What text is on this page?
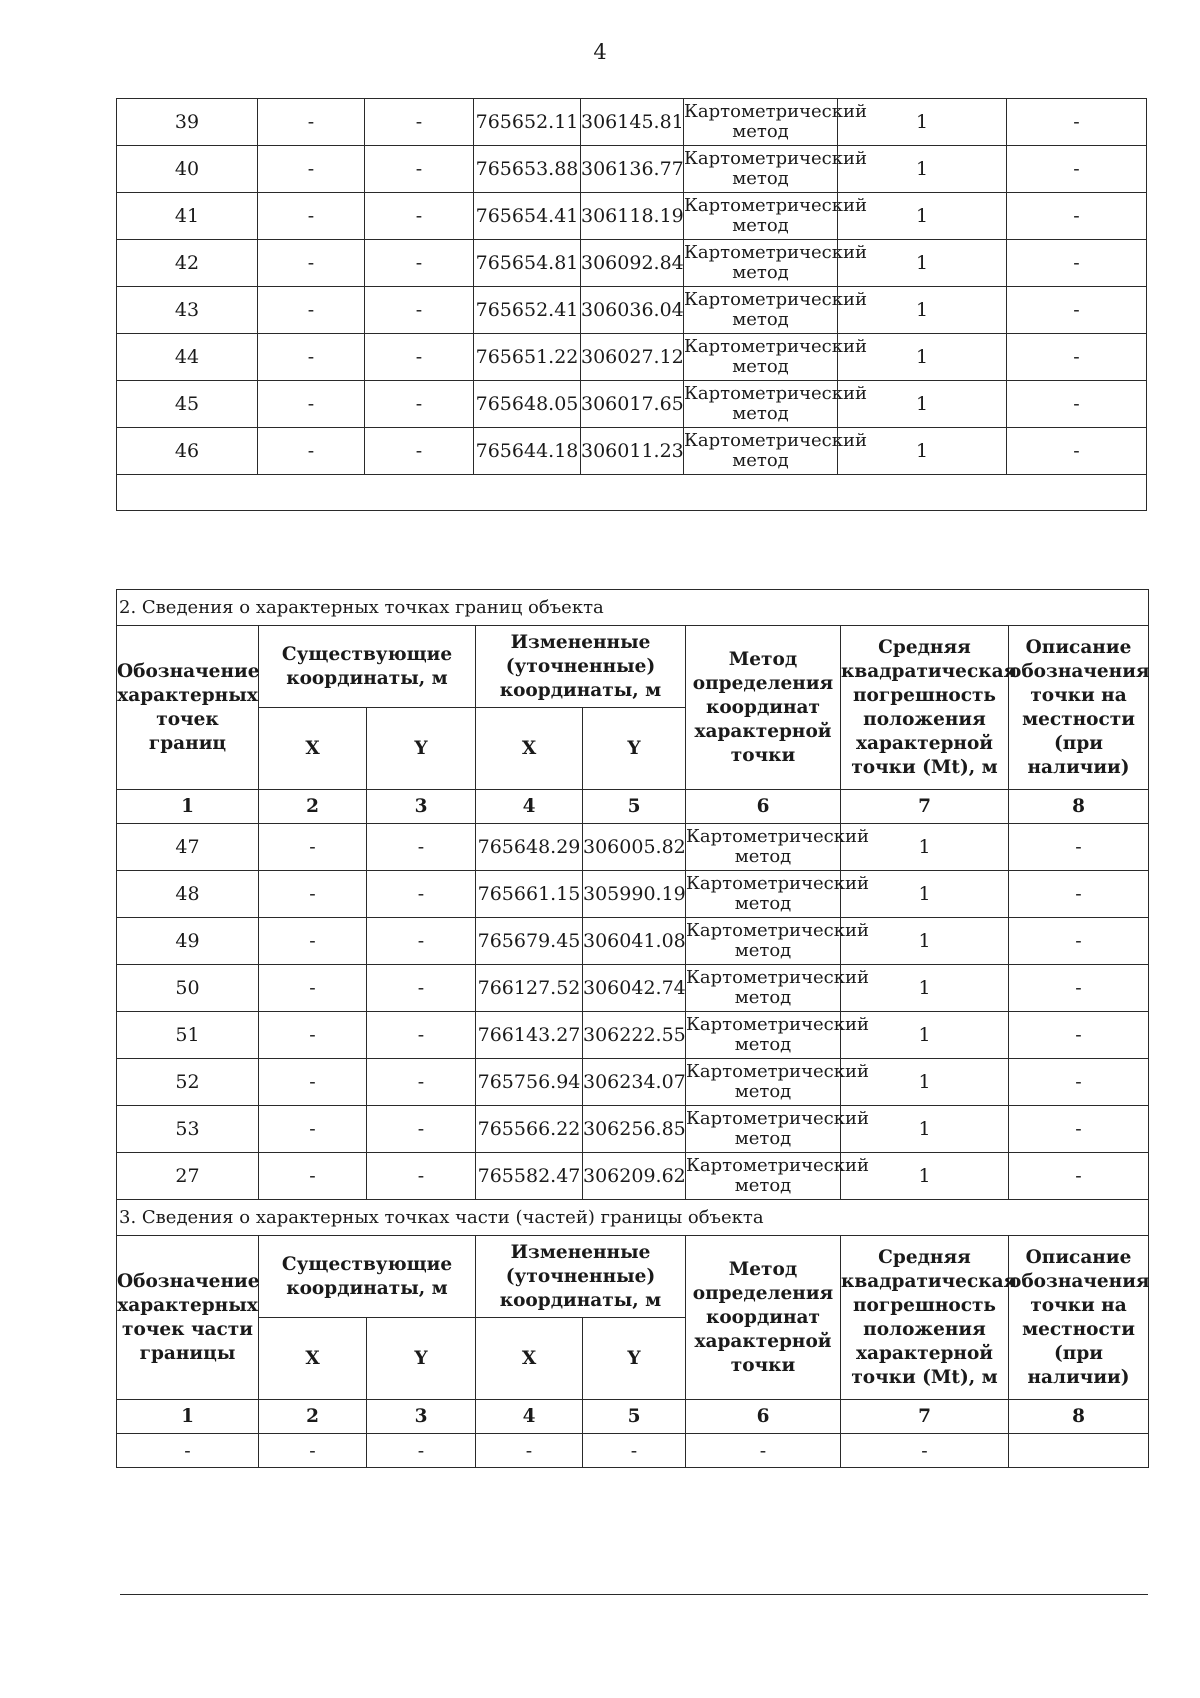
4
39	-	-	765652.11	306145.81	Картометрический метод	1	-
40	-	-	765653.88	306136.77	Картометрический метод	1	-
41	-	-	765654.41	306118.19	Картометрический метод	1	-
42	-	-	765654.81	306092.84	Картометрический метод	1	-
43	-	-	765652.41	306036.04	Картометрический метод	1	-
44	-	-	765651.22	306027.12	Картометрический метод	1	-
45	-	-	765648.05	306017.65	Картометрический метод	1	-
46	-	-	765644.18	306011.23	Картометрический метод	1	-

2. Сведения о характерных точках границ объекта							
Обозначение характерных точек границ	Существующие координаты, м		Измененные (уточненные) координаты, м		Метод определения координат характерной точки	Средняя квадратическая погрешность положения характерной точки (Mt), м	Описание обозначения точки на местности (при наличии)
	X	Y	X	Y			
1	2	3	4	5	6	7	8
47	-	-	765648.29	306005.82	Картометрический метод	1	-
48	-	-	765661.15	305990.19	Картометрический метод	1	-
49	-	-	765679.45	306041.08	Картометрический метод	1	-
50	-	-	766127.52	306042.74	Картометрический метод	1	-
51	-	-	766143.27	306222.55	Картометрический метод	1	-
52	-	-	765756.94	306234.07	Картометрический метод	1	-
53	-	-	765566.22	306256.85	Картометрический метод	1	-
27	-	-	765582.47	306209.62	Картометрический метод	1	-
3. Сведения о характерных точках части (частей) границы объекта							
Обозначение характерных точек части границы	Существующие координаты, м		Измененные (уточненные) координаты, м		Метод определения координат характерной точки	Средняя квадратическая погрешность положения характерной точки (Mt), м	Описание обозначения точки на местности (при наличии)
	X	Y	X	Y			
1	2	3	4	5	6	7	8
-	-	-	-	-	-	-	
